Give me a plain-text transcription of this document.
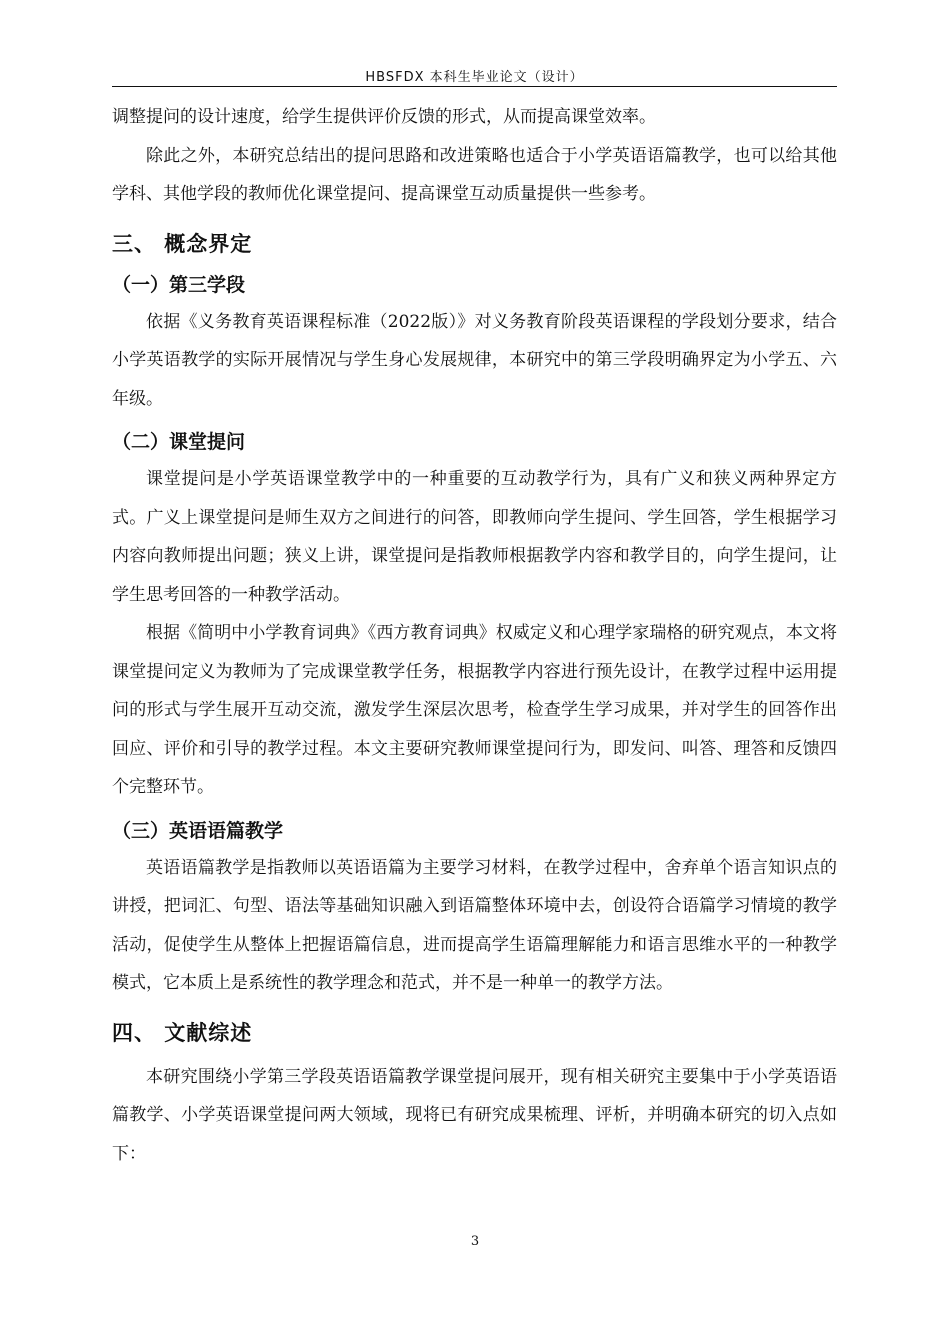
HBSFDX 本科生毕业论文（设计）

调整提问的设计速度，给学生提供评价反馈的形式，从而提高课堂效率。

除此之外，本研究总结出的提问思路和改进策略也适合于小学英语语篇教学，也可以给其他学科、其他学段的教师优化课堂提问、提高课堂互动质量提供一些参考。

三、 概念界定
（一）第三学段

依据《义务教育英语课程标准（2022版）》对义务教育阶段英语课程的学段划分要求，结合小学英语教学的实际开展情况与学生身心发展规律，本研究中的第三学段明确界定为小学五、六年级。

（二）课堂提问

课堂提问是小学英语课堂教学中的一种重要的互动教学行为，具有广义和狭义两种界定方式。广义上课堂提问是师生双方之间进行的问答，即教师向学生提问、学生回答，学生根据学习内容向教师提出问题；狭义上讲，课堂提问是指教师根据教学内容和教学目的，向学生提问，让学生思考回答的一种教学活动。

根据《简明中小学教育词典》《西方教育词典》权威定义和心理学家瑞格的研究观点，本文将课堂提问定义为教师为了完成课堂教学任务，根据教学内容进行预先设计，在教学过程中运用提问的形式与学生展开互动交流，激发学生深层次思考，检查学生学习成果，并对学生的回答作出回应、评价和引导的教学过程。本文主要研究教师课堂提问行为，即发问、叫答、理答和反馈四个完整环节。

（三）英语语篇教学

英语语篇教学是指教师以英语语篇为主要学习材料，在教学过程中，舍弃单个语言知识点的讲授，把词汇、句型、语法等基础知识融入到语篇整体环境中去，创设符合语篇学习情境的教学活动，促使学生从整体上把握语篇信息，进而提高学生语篇理解能力和语言思维水平的一种教学模式，它本质上是系统性的教学理念和范式，并不是一种单一的教学方法。

四、 文献综述

本研究围绕小学第三学段英语语篇教学课堂提问展开，现有相关研究主要集中于小学英语语篇教学、小学英语课堂提问两大领域，现将已有研究成果梳理、评析，并明确本研究的切入点如下：

3
